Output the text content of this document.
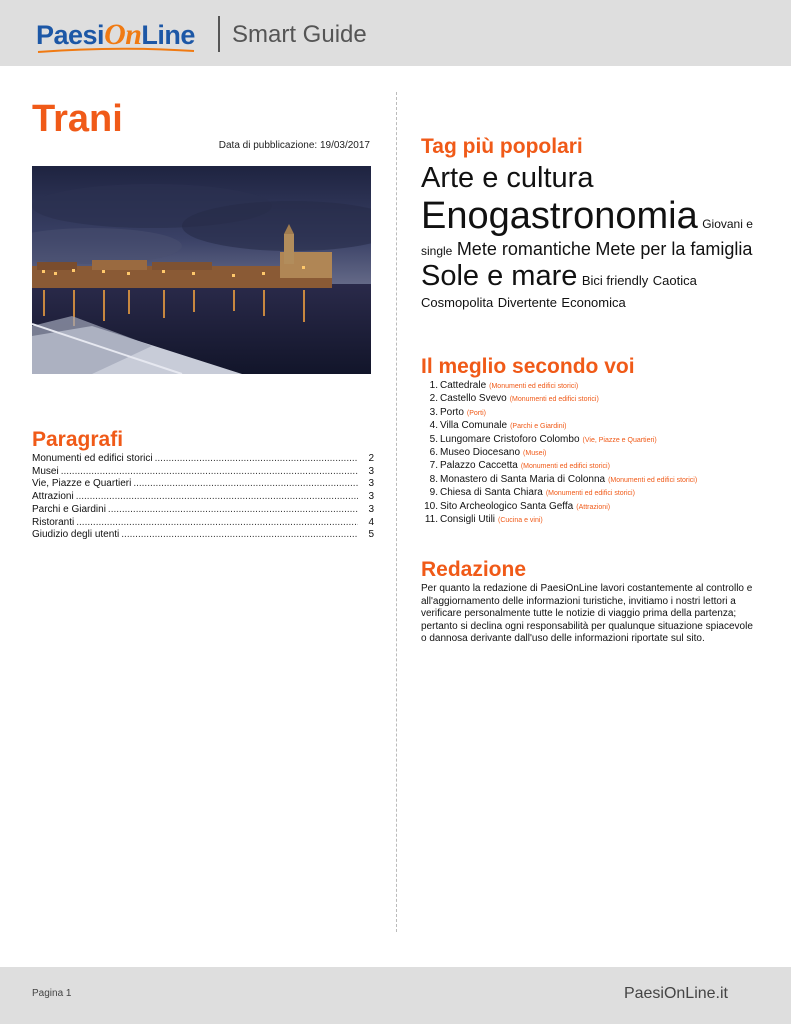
PaesiOnLine Smart Guide
Trani
Data di pubblicazione: 19/03/2017
Paragrafi
Monumenti ed edifici storici .....	2
Musei .....	3
Vie, Piazze e Quartieri .....	3
Attrazioni .....	3
Parchi e Giardini .....	3
Ristoranti .....	4
Giudizio degli utenti .....	5
Tag più popolari
Arte e cultura
Enogastronomia Giovani e single Mete romantiche Mete per la famiglia Sole e mare Bici friendly Caotica Cosmopolita Divertente Economica
Il meglio secondo voi
1. Cattedrale (Monumenti ed edifici storici)
2. Castello Svevo (Monumenti ed edifici storici)
3. Porto (Porti)
4. Villa Comunale (Parchi e Giardini)
5. Lungomare Cristoforo Colombo (Vie, Piazze e Quartieri)
6. Museo Diocesano (Musei)
7. Palazzo Caccetta (Monumenti ed edifici storici)
8. Monastero di Santa Maria di Colonna (Monumenti ed edifici storici)
9. Chiesa di Santa Chiara (Monumenti ed edifici storici)
10. Sito Archeologico Santa Geffa (Attrazioni)
11. Consigli Utili (Cucina e vini)
Redazione

Per quanto la redazione di PaesiOnLine lavori costantemente al controllo e all'aggiornamento delle informazioni turistiche, invitiamo i nostri lettori a verificare personalmente tutte le notizie di viaggio prima della partenza; pertanto si declina ogni responsabilità per qualunque situazione spiacevole o dannosa derivante dall'uso delle informazioni riportate sul sito.

Pagina 1	PaesiOnLine.it
